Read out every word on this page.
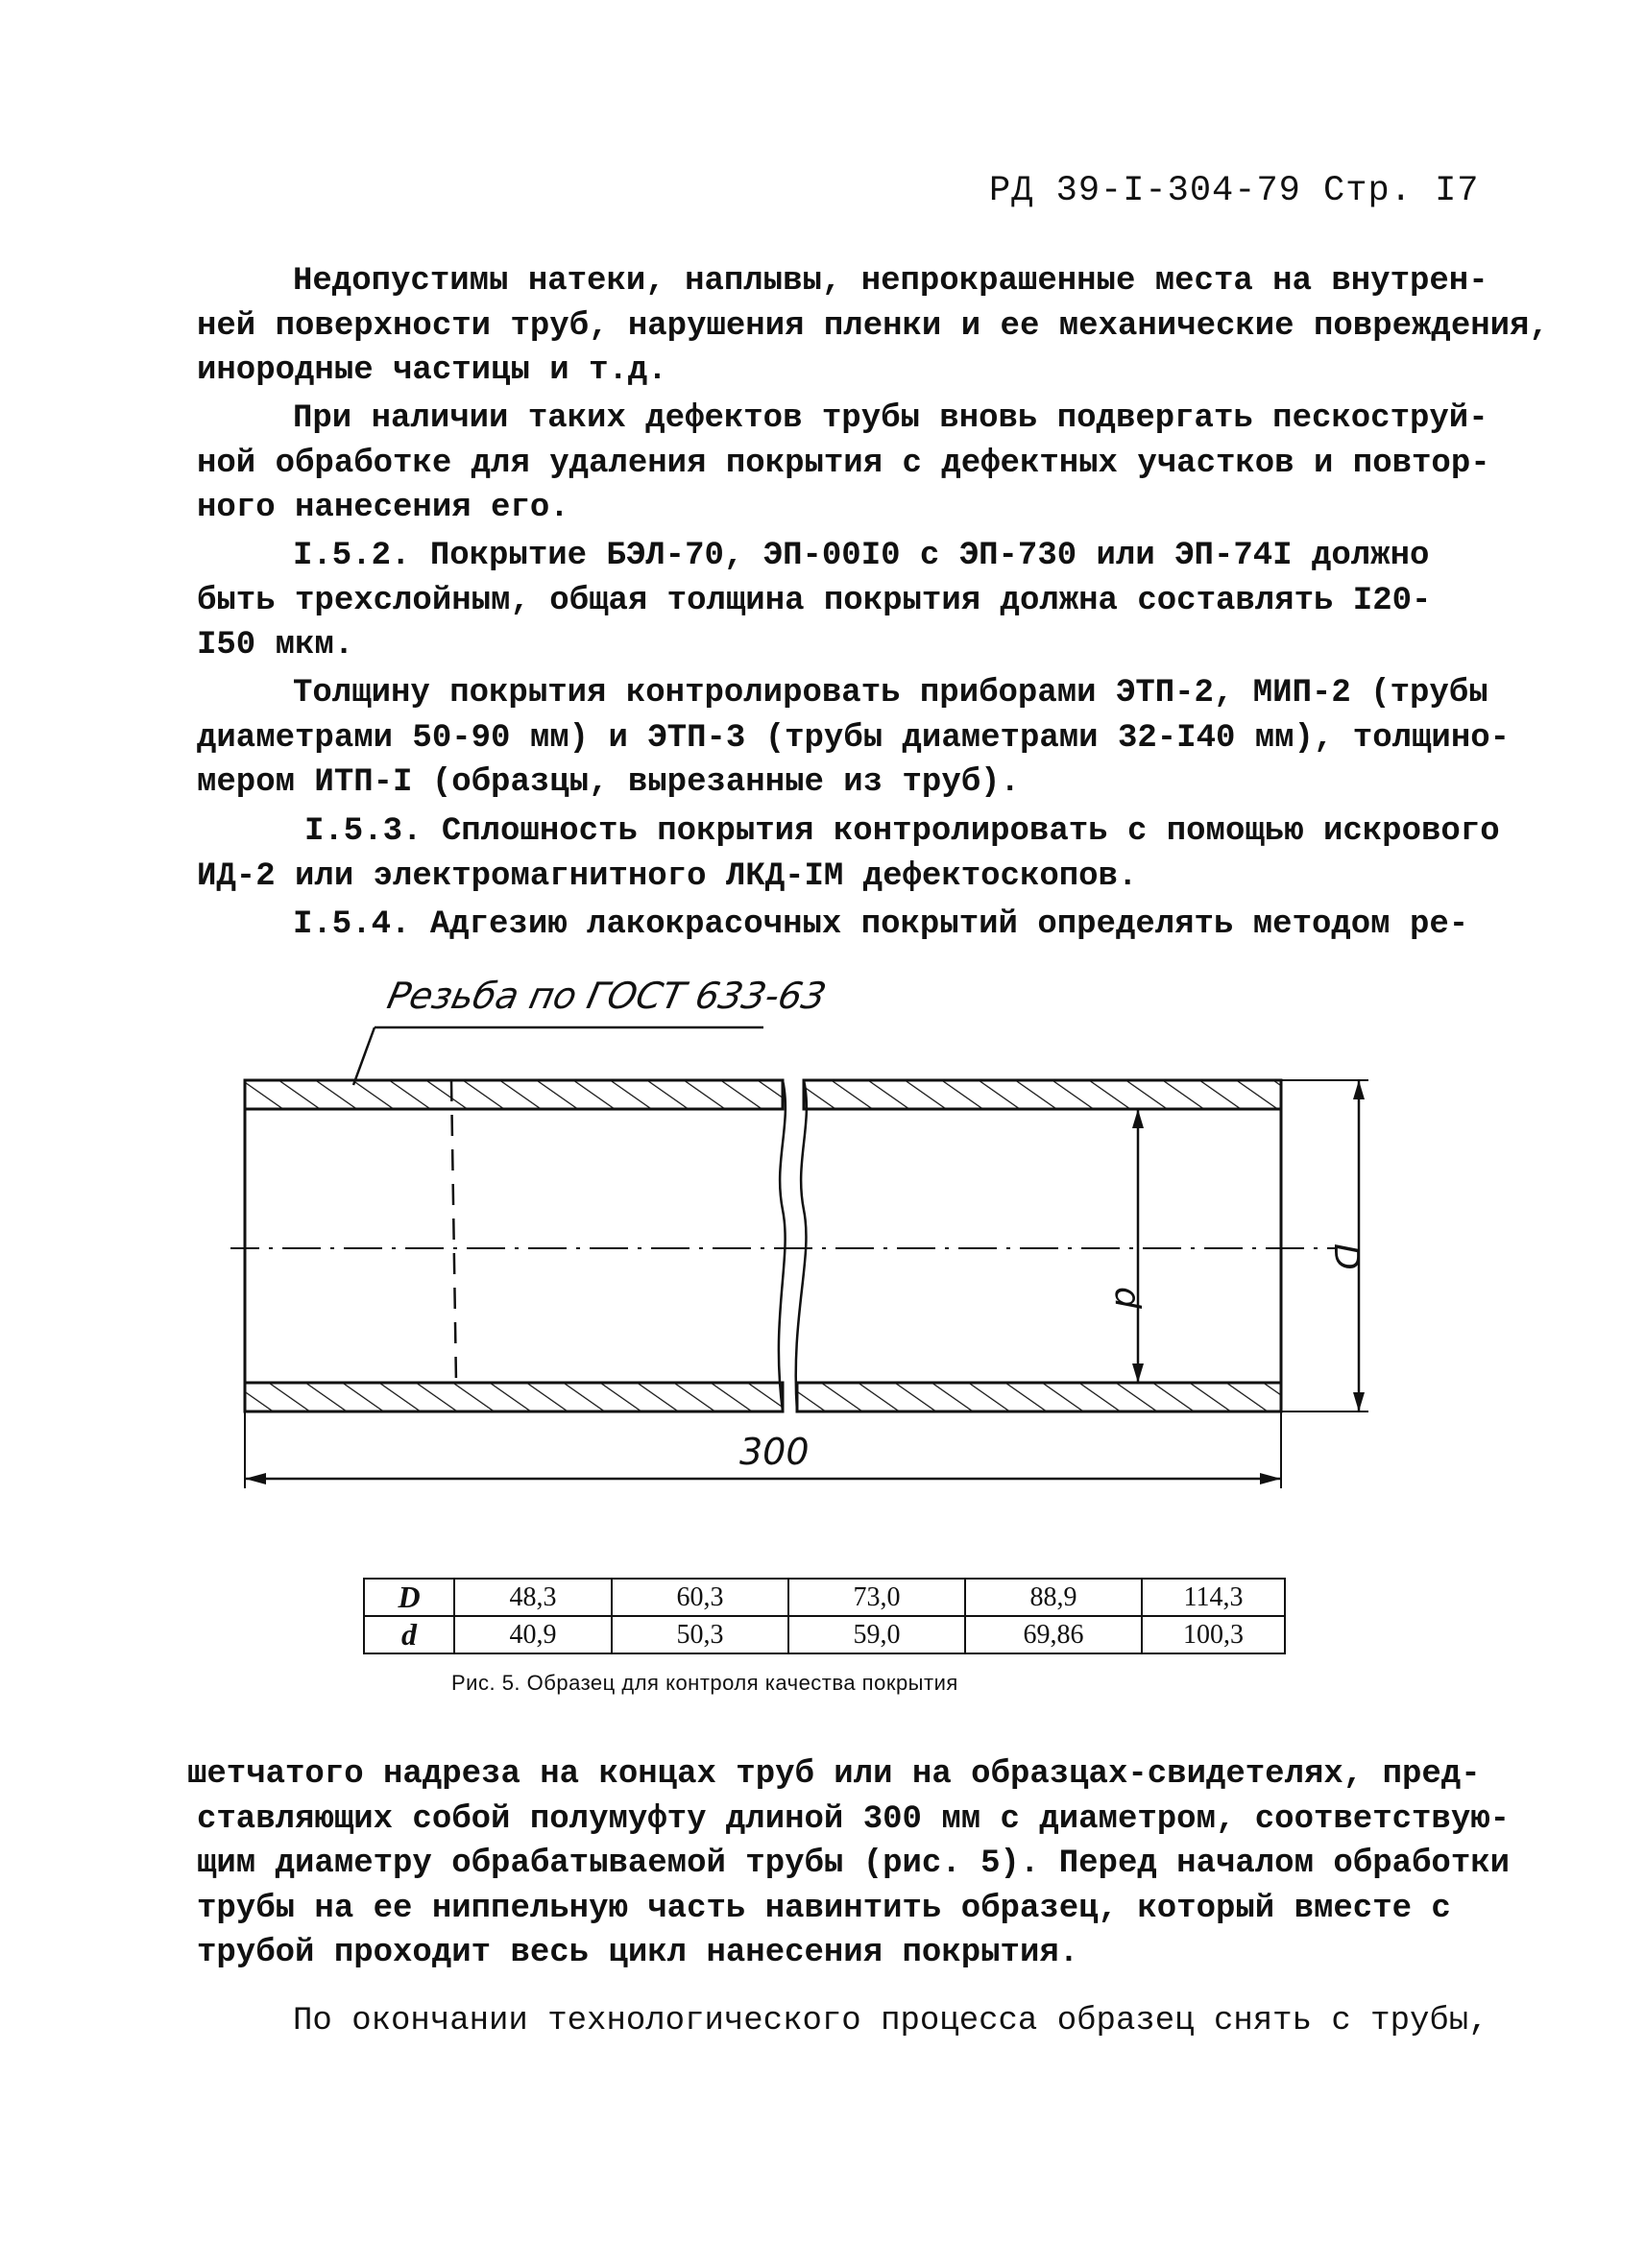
РД 39-I-304-79 Стр. I7
Недопустимы натеки, наплывы, непрокрашенные места на внутрен-
ней поверхности труб, нарушения пленки и ее механические повреждения,
инородные частицы и т.д.
При наличии таких дефектов трубы вновь подвергать пескоструй-
ной обработке для удаления покрытия с дефектных участков и повтор-
ного нанесения его.
I.5.2. Покрытие БЭЛ-70, ЭП-00I0 с ЭП-730 или ЭП-74I должно
быть трехслойным, общая толщина покрытия должна составлять I20-
I50 мкм.
Толщину покрытия контролировать приборами ЭТП-2, МИП-2 (трубы
диаметрами 50-90 мм) и ЭТП-3 (трубы диаметрами 32-I40 мм), толщино-
мером ИТП-I (образцы, вырезанные из труб).
I.5.3. Сплошность покрытия контролировать с помощью искрового
ИД-2 или электромагнитного ЛКД-IМ дефектоскопов.
I.5.4. Адгезию лакокрасочных покрытий определять методом ре-
Резьба по ГОСТ 633-63
d
D
300
D	48,3	60,3	73,0	88,9	114,3
d	40,9	50,3	59,0	69,86	100,3
Рис. 5. Образец для контроля качества покрытия
шетчатого надреза на концах труб или на образцах-свидетелях, пред-
ставляющих собой полумуфту длиной 300 мм с диаметром, соответствую-
щим диаметру обрабатываемой трубы (рис. 5). Перед началом обработки
трубы на ее ниппельную часть навинтить образец, который вместе с
трубой проходит весь цикл нанесения покрытия.
По окончании технологического процесса образец снять с трубы,
